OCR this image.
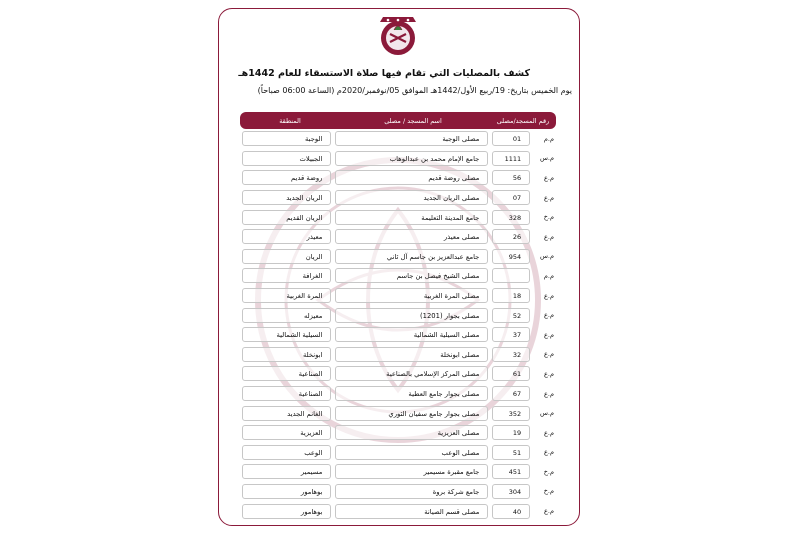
كشف بالمصليات التي تقام فيها صلاة الاستسقاء للعام 1442هـ
يوم الخميس بتاريخ: 19/ربيع الأول/1442هـ الموافق 05/نوفمبر/2020م (الساعة 06:00 صباحاً)
رقم المسجد/مصلى
اسم المسجد / مصلى
المنطقة
م.م
01
مصلى الوجبة
الوجبة
م.س
1111
جامع الإمام محمد بن عبدالوهاب
الجبيلات
م.ع
56
مصلى روضة قديم
روضة قديم
م.ع
07
مصلى الريان الجديد
الريان الجديد
م.خ
328
جامع المدينة التعليمة
الريان القديم
م.ع
26
مصلى معيذر
معيذر
م.س
954
جامع عبدالعزيز بن جاسم آل ثاني
الريان
م.م
مصلى الشيخ فيصل بن جاسم
الغرافة
م.ع
18
مصلى المرة الغربية
المرة الغربية
م.ع
52
مصلى بجوار (1201)
معيزله
م.ع
37
مصلى السيلية الشمالية
السيلية الشمالية
م.ع
32
مصلى ابونخلة
ابونخلة
م.ع
61
مصلى المركز الإسلامي بالصناعية
الصناعية
م.ع
67
مصلى بجوار جامع العطية
الصناعية
م.س
352
مصلى بجوار جامع سفيان الثوري
الغانم الجديد
م.ع
19
مصلى العزيزية
العزيزية
م.ع
51
مصلى الوعب
الوعب
م.خ
451
جامع مقبرة مسيمير
مسيمير
م.خ
304
جامع شركة بروة
بوهامور
م.ع
40
مصلى قسم الصيانة
بوهامور
